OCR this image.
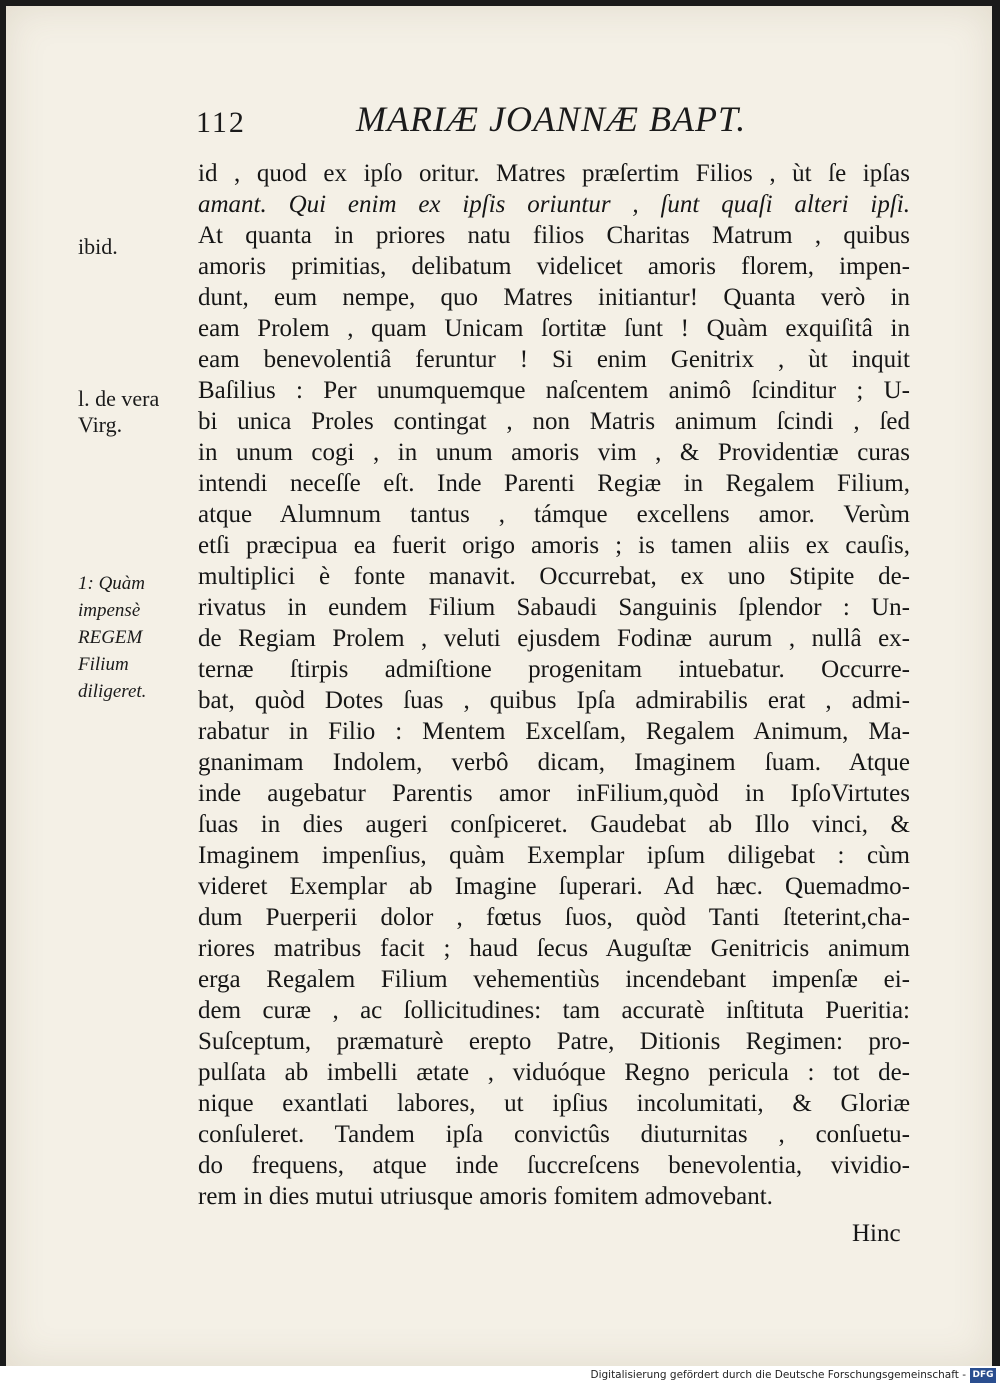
112	MARIÆ JOANNÆ BAPT.

ibid.

l. de vera Virg.

1: Quàm impensè REGEM Filium diligeret.

id , quod ex ipſo oritur. Matres præſertim Filios , ùt ſe ipſas
amant. Qui enim ex ipſis oriuntur , ſunt quaſi alteri ipſi.
At quanta in priores natu filios Charitas Matrum , quibus
amoris primitias, delibatum videlicet amoris florem, impen-
dunt, eum nempe, quo Matres initiantur! Quanta verò in
eam Prolem , quam Unicam ſortitæ ſunt ! Quàm exquiſitâ in
eam benevolentiâ feruntur ! Si enim Genitrix , ùt inquit
Baſilius : Per unumquemque naſcentem animô ſcinditur ; U-
bi unica Proles contingat , non Matris animum ſcindi , ſed
in unum cogi , in unum amoris vim , & Providentiæ curas
intendi neceſſe eſt. Inde Parenti Regiæ in Regalem Filium,
atque Alumnum tantus , támque excellens amor. Verùm
etſi præcipua ea fuerit origo amoris ; is tamen aliis ex cauſis,
multiplici è fonte manavit. Occurrebat, ex uno Stipite de-
rivatus in eundem Filium Sabaudi Sanguinis ſplendor : Un-
de Regiam Prolem , veluti ejusdem Fodinæ aurum , nullâ ex-
ternæ ſtirpis admiſtione progenitam intuebatur. Occurre-
bat, quòd Dotes ſuas , quibus Ipſa admirabilis erat , admi-
rabatur in Filio : Mentem Excelſam, Regalem Animum, Ma-
gnanimam Indolem, verbô dicam, Imaginem ſuam. Atque
inde augebatur Parentis amor inFilium,quòd in IpſoVirtutes
ſuas in dies augeri conſpiceret. Gaudebat ab Illo vinci, &
Imaginem impenſius, quàm Exemplar ipſum diligebat : cùm
videret Exemplar ab Imagine ſuperari. Ad hæc. Quemadmo-
dum Puerperii dolor , fœtus ſuos, quòd Tanti ſteterint,cha-
riores matribus facit ; haud ſecus Auguſtæ Genitricis animum
erga Regalem Filium vehementiùs incendebant impenſæ ei-
dem curæ , ac ſollicitudines: tam accuratè inſtituta Pueritia:
Suſceptum, præmaturè erepto Patre, Ditionis Regimen: pro-
pulſata ab imbelli ætate , viduóque Regno pericula : tot de-
nique exantlati labores, ut ipſius incolumitati, & Gloriæ
conſuleret. Tandem ipſa convictûs diuturnitas , conſuetu-
do frequens, atque inde ſuccreſcens benevolentia, vividio-
rem in dies mutui utriusque amoris fomitem admovebant.
Hinc
Digitalisierung gefördert durch die Deutsche Forschungsgemeinschaft - DFG
